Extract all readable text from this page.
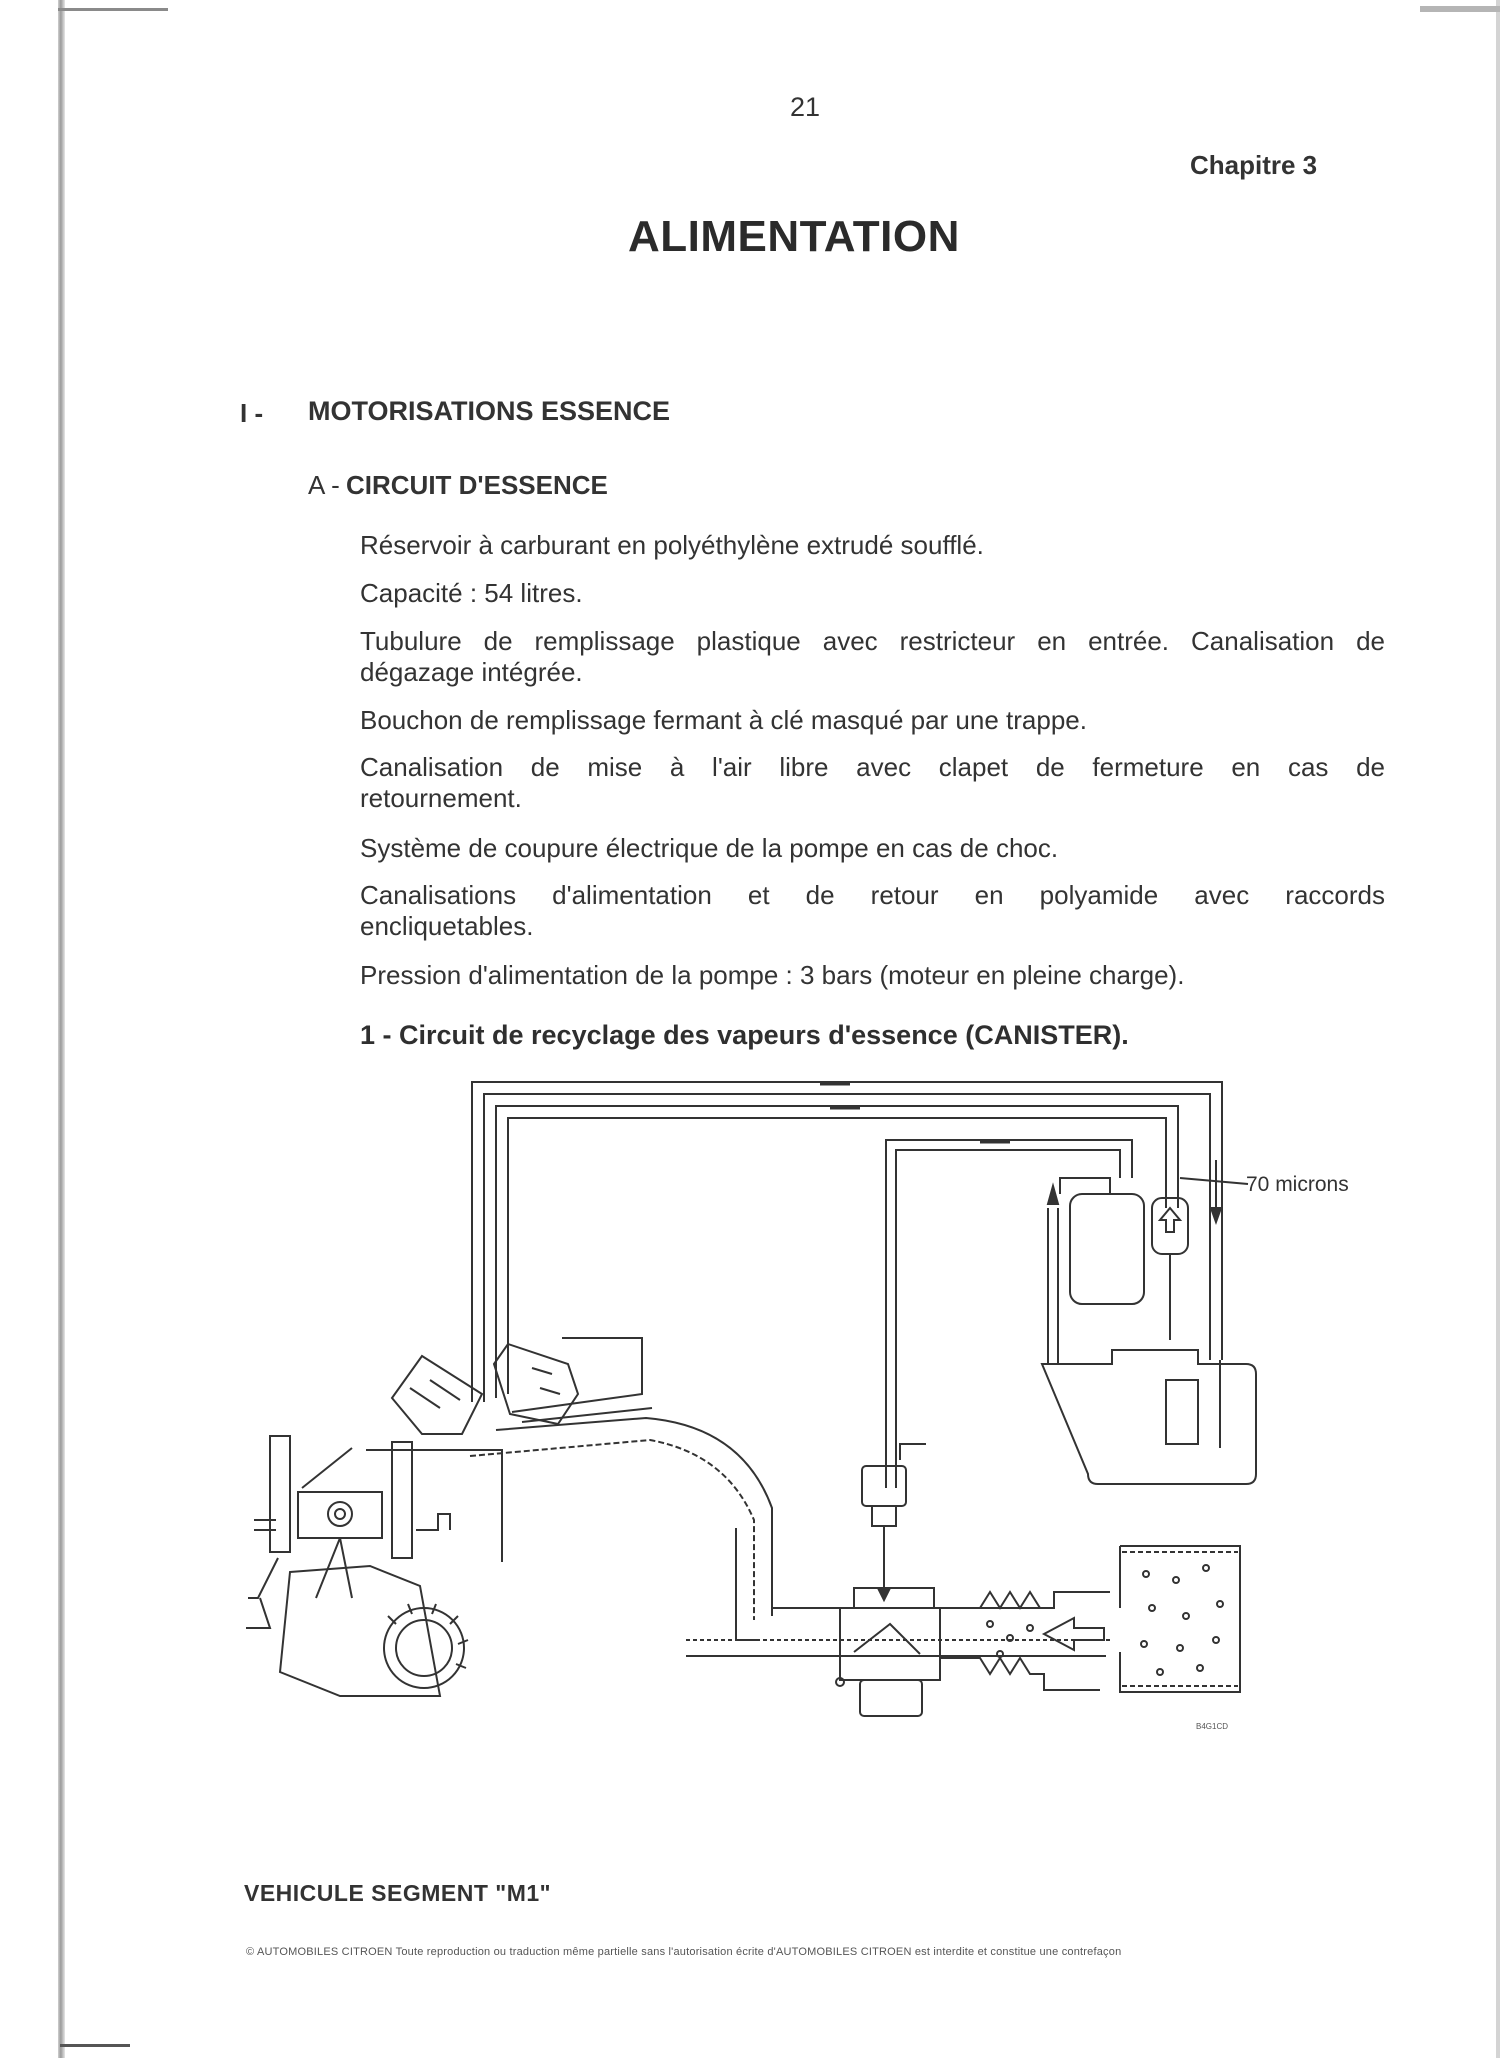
21

Chapitre 3

ALIMENTATION

I - MOTORISATIONS ESSENCE

A - CIRCUIT D'ESSENCE

Réservoir à carburant en polyéthylène extrudé soufflé.

Capacité : 54 litres.

Tubulure de remplissage plastique avec restricteur en entrée. Canalisation de
dégazage intégrée.

Bouchon de remplissage fermant à clé masqué par une trappe.

Canalisation de mise à l'air libre avec clapet de fermeture en cas de
retournement.

Système de coupure électrique de la pompe en cas de choc.

Canalisations d'alimentation et de retour en polyamide avec raccords
encliquetables.

Pression d'alimentation de la pompe : 3 bars (moteur en pleine charge).

1 - Circuit de recyclage des vapeurs d'essence (CANISTER).

70 microns

B4G1CD

VEHICULE SEGMENT "M1"

© AUTOMOBILES CITROEN Toute reproduction ou traduction même partielle sans l'autorisation écrite d'AUTOMOBILES CITROEN est interdite et constitue une contrefaçon
